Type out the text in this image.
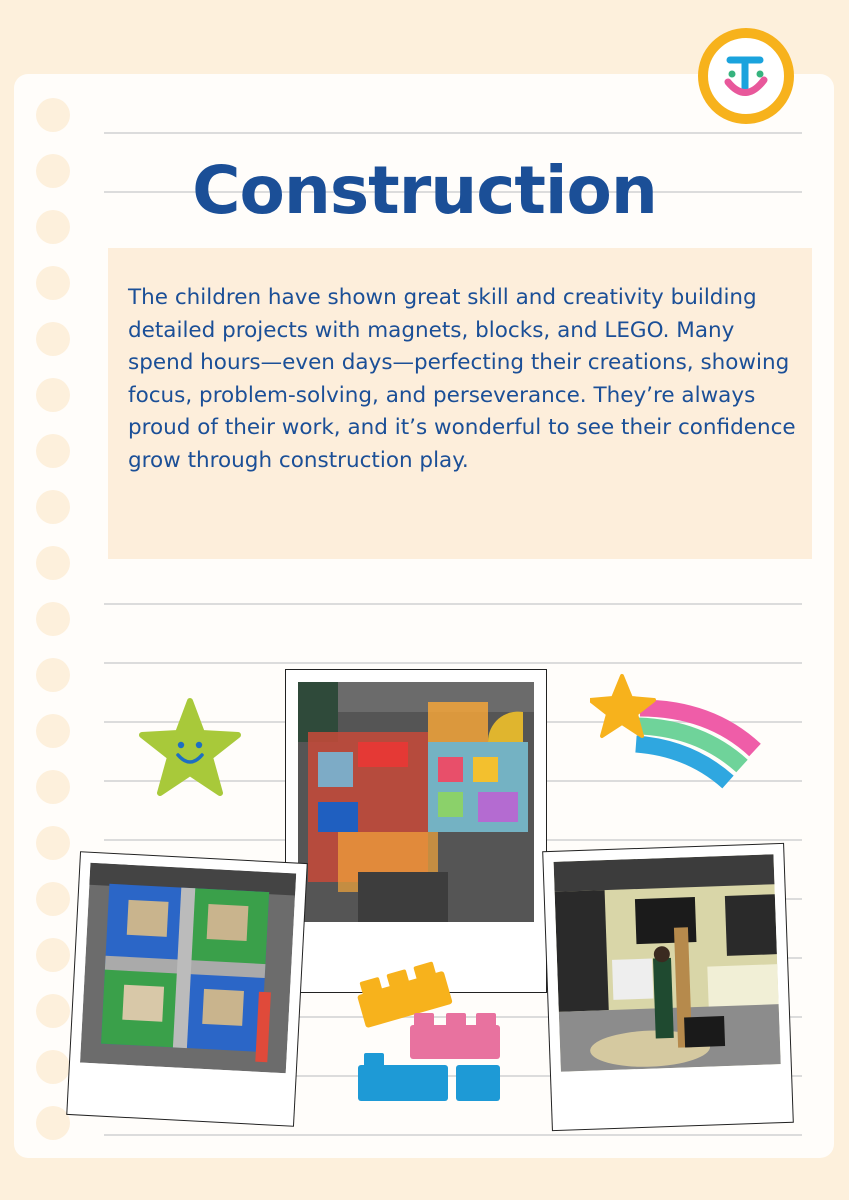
Construction

The children have shown great skill and creativity building detailed projects with magnets, blocks, and LEGO. Many spend hours—even days—perfecting their creations, showing focus, problem-solving, and perseverance. They’re always proud of their work, and it’s wonderful to see their confidence grow through construction play.
